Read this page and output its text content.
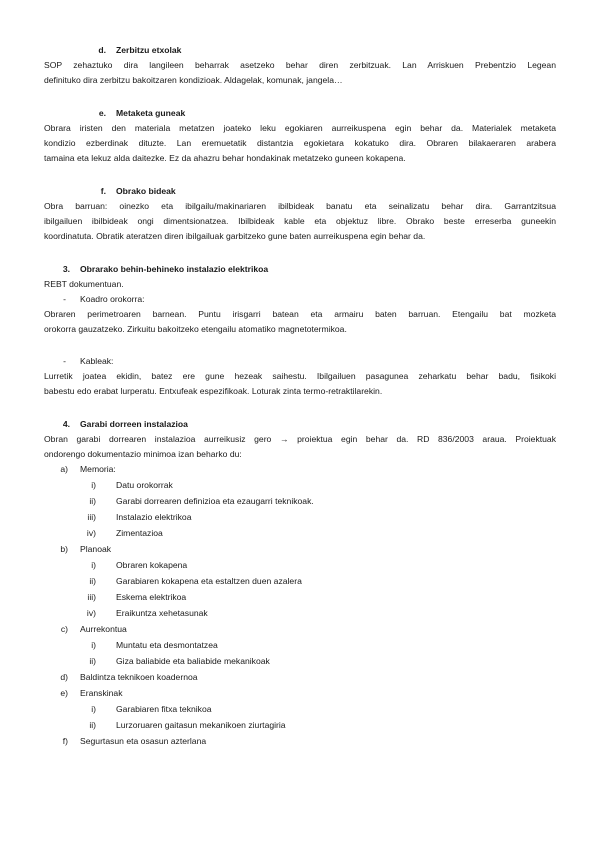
d. Zerbitzu etxolak
SOP zehaztuko dira langileen beharrak asetzeko behar diren zerbitzuak. Lan Arriskuen Prebentzio Legean
definituko dira zerbitzu bakoitzaren kondizioak. Aldagelak, komunak, jangela…
e. Metaketa guneak
Obrara iristen den materiala metatzen joateko leku egokiaren aurreikuspena egin behar da. Materialek metaketa
kondizio ezberdinak dituzte. Lan eremuetatik distantzia egokietara kokatuko dira. Obraren bilakaeraren arabera
tamaina eta lekuz alda daitezke. Ez da ahazru behar hondakinak metatzeko guneen kokapena.
f. Obrako bideak
Obra barruan: oinezko eta ibilgailu/makinariaren ibilbideak banatu eta seinalizatu behar dira. Garrantzitsua
ibilgailuen ibilbideak ongi dimentsionatzea. Ibilbideak kable eta objektuz libre. Obrako beste erreserba guneekin
koordinatuta. Obratik ateratzen diren ibilgailuak garbitzeko gune baten aurreikuspena egin behar da.
3. Obrarako behin-behineko instalazio elektrikoa
REBT dokumentuan.
- Koadro orokorra:
Obraren perimetroaren barnean. Puntu irisgarri batean eta armairu baten barruan. Etengailu bat mozketa
orokorra gauzatzeko. Zirkuitu bakoitzeko etengailu atomatiko magnetotermikoa.
- Kableak:
Lurretik joatea ekidin, batez ere gune hezeak saihestu. Ibilgailuen pasagunea zeharkatu behar badu, fisikoki
babestu edo erabat lurperatu. Entxufeak espezifikoak. Loturak zinta termo-retraktilarekin.
4. Garabi dorreen instalazioa
Obran garabi dorrearen instalazioa aurreikusiz gero → proiektua egin behar da. RD 836/2003 araua. Proiektuak
ondorengo dokumentazio minimoa izan beharko du:
a) Memoria:
i) Datu orokorrak
ii) Garabi dorrearen definizioa eta ezaugarri teknikoak.
iii) Instalazio elektrikoa
iv) Zimentazioa
b) Planoak
i) Obraren kokapena
ii) Garabiaren kokapena eta estaltzen duen azalera
iii) Eskema elektrikoa
iv) Eraikuntza xehetasunak
c) Aurrekontua
i) Muntatu eta desmontatzea
ii) Giza baliabide eta baliabide mekanikoak
d) Baldintza teknikoen koadernoa
e) Eranskinak
i) Garabiaren fitxa teknikoa
ii) Lurzoruaren gaitasun mekanikoen ziurtagiria
f) Segurtasun eta osasun azterlana
